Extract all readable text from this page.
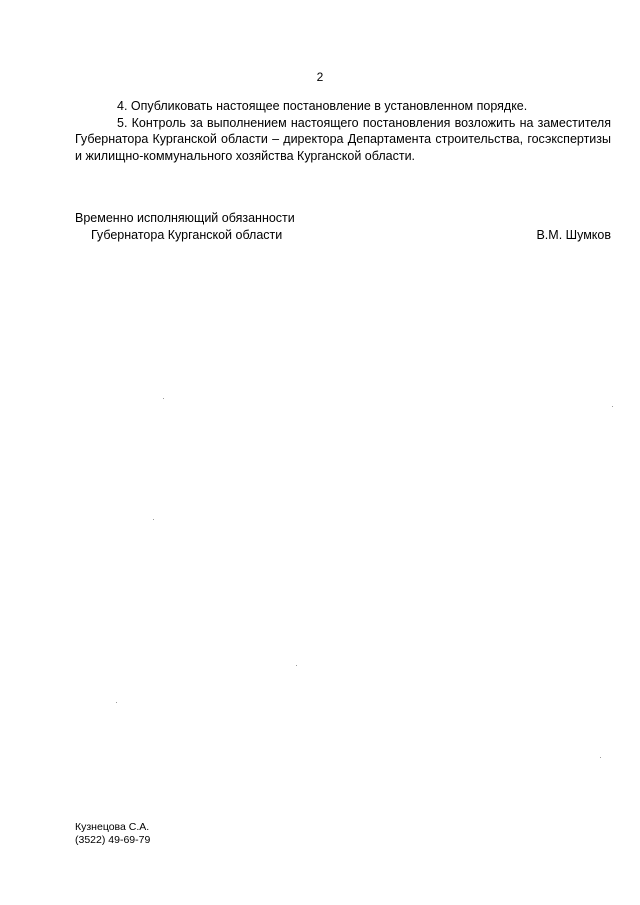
2

4. Опубликовать настоящее постановление в установленном порядке.

5. Контроль за выполнением настоящего постановления возложить на заместителя Губернатора Курганской области – директора Департамента строительства, госэкспертизы и жилищно-коммунального хозяйства Курганской области.

Временно исполняющий обязанности
Губернатора Курганской области	В.М. Шумков
Кузнецова С.А.
(3522) 49-69-79
